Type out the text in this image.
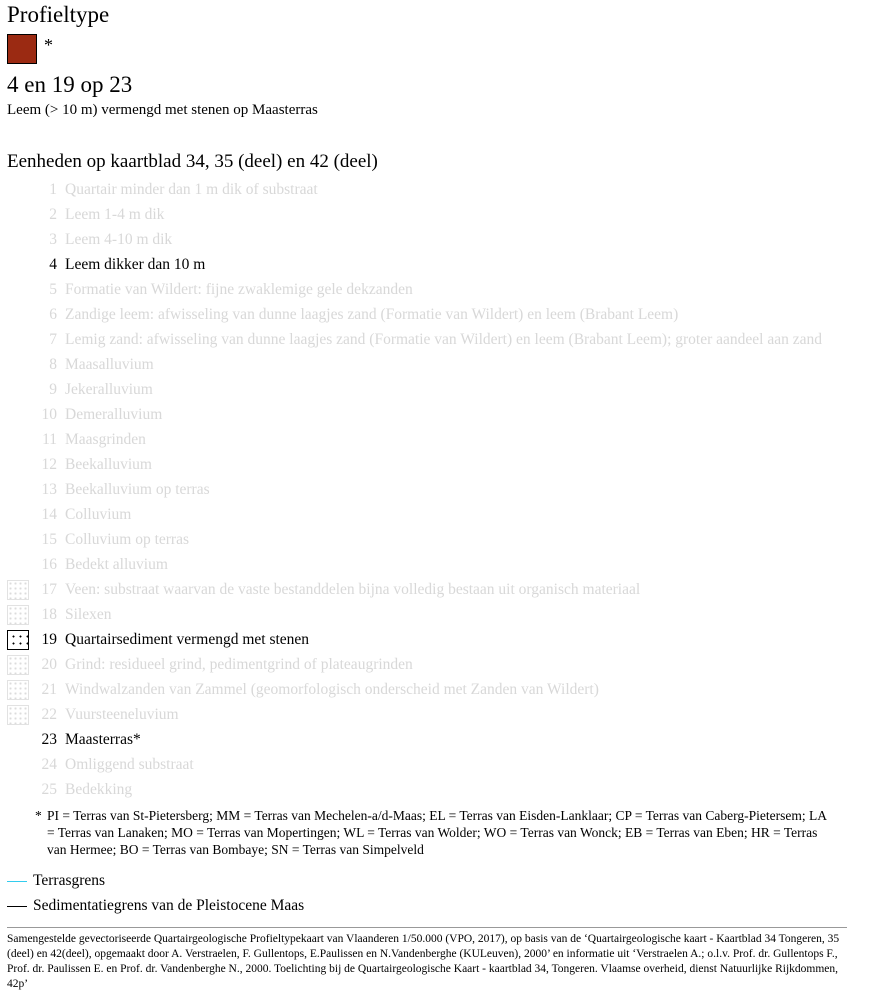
Profieltype
*
4 en 19 op 23
Leem (> 10 m) vermengd met stenen op Maasterras
Eenheden op kaartblad 34, 35 (deel) en 42 (deel)
1 Quartair minder dan 1 m dik of substraat
2 Leem 1-4 m dik
3 Leem 4-10 m dik
4 Leem dikker dan 10 m
5 Formatie van Wildert: fijne zwaklemige gele dekzanden
6 Zandige leem: afwisseling van dunne laagjes zand (Formatie van Wildert) en leem (Brabant Leem)
7 Lemig zand: afwisseling van dunne laagjes zand (Formatie van Wildert) en leem (Brabant Leem); groter aandeel aan zand
8 Maasalluvium
9 Jekeralluvium
10 Demeralluvium
11 Maasgrinden
12 Beekalluvium
13 Beekalluvium op terras
14 Colluvium
15 Colluvium op terras
16 Bedekt alluvium
17 Veen: substraat waarvan de vaste bestanddelen bijna volledig bestaan uit organisch materiaal
18 Silexen
19 Quartairsediment vermengd met stenen
20 Grind: residueel grind, pedimentgrind of plateaugrinden
21 Windwalzanden van Zammel (geomorfologisch onderscheid met Zanden van Wildert)
22 Vuursteeneluvium
23 Maasterras*
24 Omliggend substraat
25 Bedekking
* PI = Terras van St-Pietersberg; MM = Terras van Mechelen-a/d-Maas; EL = Terras van Eisden-Lanklaar; CP = Terras van Caberg-Pietersem; LA = Terras van Lanaken; MO = Terras van Mopertingen; WL = Terras van Wolder; WO = Terras van Wonck; EB = Terras van Eben; HR = Terras van Hermee; BO = Terras van Bombaye; SN = Terras van Simpelveld
Terrasgrens
Sedimentatiegrens van de Pleistocene Maas
Samengestelde gevectoriseerde Quartairgeologische Profieltypekaart van Vlaanderen 1/50.000 (VPO, 2017), op basis van de ‘Quartairgeologische kaart - Kaartblad 34 Tongeren, 35 (deel) en 42(deel), opgemaakt door A. Verstraelen, F. Gullentops, E.Paulissen en N.Vandenberghe (KULeuven), 2000’ en informatie uit ‘Verstraelen A.; o.l.v. Prof. dr. Gullentops F., Prof. dr. Paulissen E. en Prof. dr. Vandenberghe N., 2000. Toelichting bij de Quartairgeologische Kaart - kaartblad 34, Tongeren. Vlaamse overheid, dienst Natuurlijke Rijkdommen, 42p’
